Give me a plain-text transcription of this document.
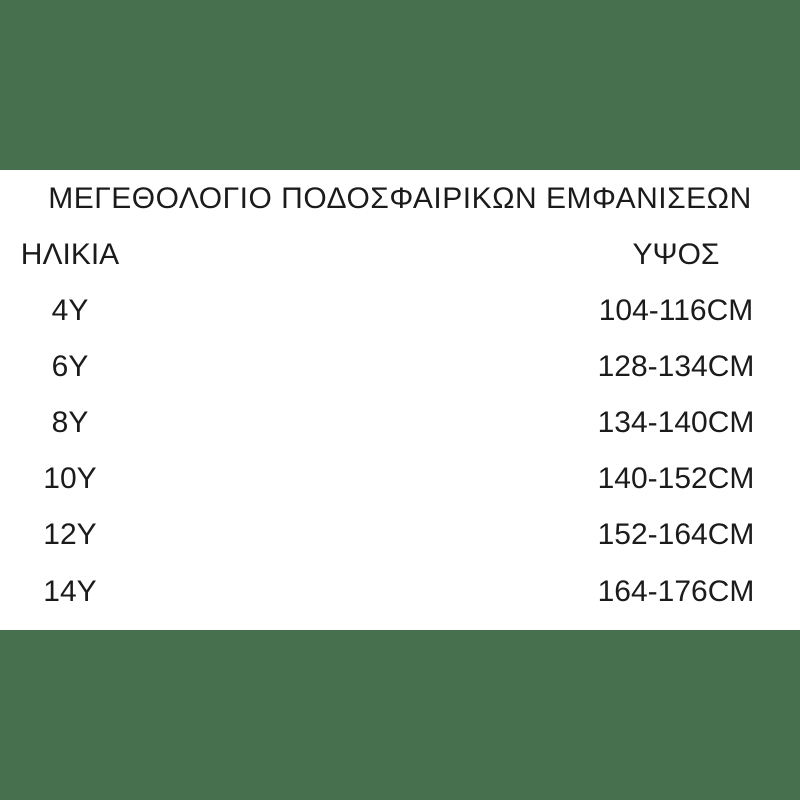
ΜΕΓΕΘΟΛΟΓΙΟ ΠΟΔΟΣΦΑΙΡΙΚΩΝ ΕΜΦΑΝΙΣΕΩΝ
ΗΛΙΚΙΑ	ΥΨΟΣ
4Y	104-116CM
6Y	128-134CM
8Y	134-140CM
10Y	140-152CM
12Y	152-164CM
14Y	164-176CM
